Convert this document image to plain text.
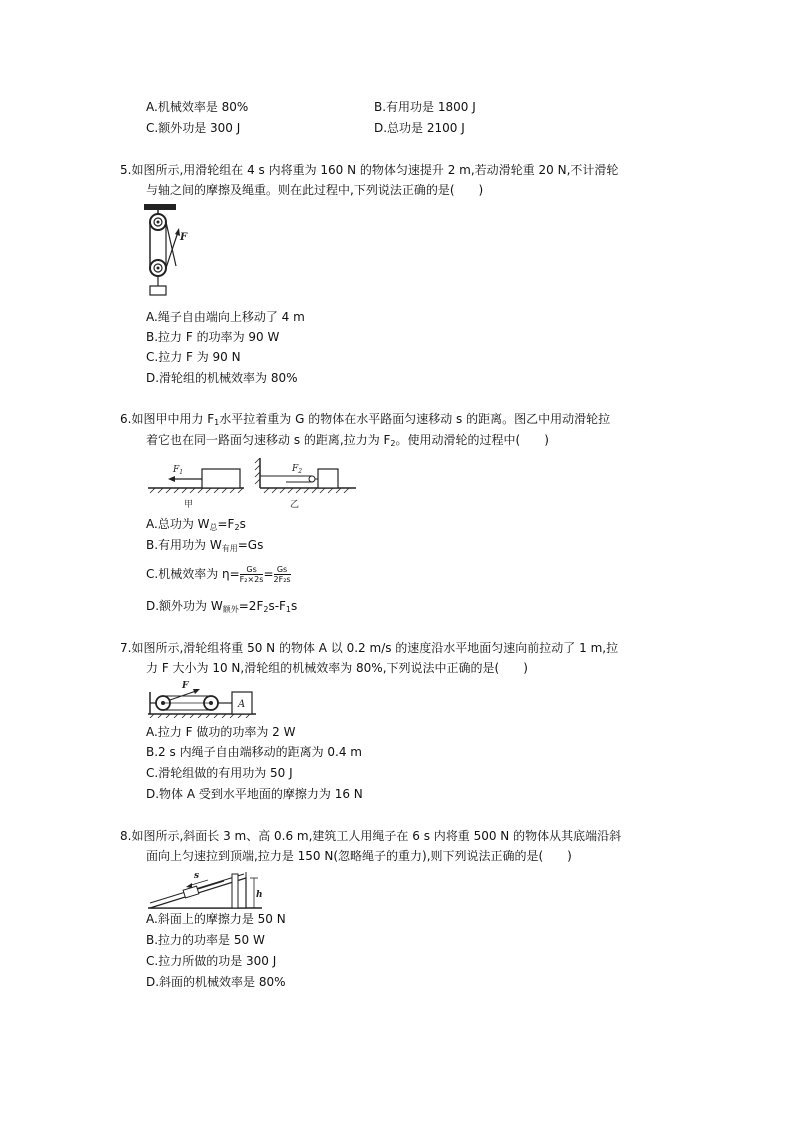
A.机械效率是 80%	B.有用功是 1800 J
C.额外功是 300 J	D.总功是 2100 J
5.如图所示,用滑轮组在 4 s 内将重为 160 N 的物体匀速提升 2 m,若动滑轮重 20 N,不计滑轮
与轴之间的摩擦及绳重。则在此过程中,下列说法正确的是(　　)
F
A.绳子自由端向上移动了 4 m
B.拉力 F 的功率为 90 W
C.拉力 F 为 90 N
D.滑轮组的机械效率为 80%
6.如图甲中用力 $F_1$水平拉着重为 G 的物体在水平路面匀速移动 s 的距离。图乙中用动滑轮拉
着它也在同一路面匀速移动 s 的距离,拉力为 $F_2$。使用动滑轮的过程中(　　)
$F_1$
甲
$F_2$
乙
A.总功为 $W_总=F_2s$
B.有用功为 $W_{有用}=Gs$
C.机械效率为 $\eta= \frac{Gs}{\text{F₂×2s}} = \frac{Gs}{\text{2F₂s}}$
D.额外功为 $W_{额外}=2F_2s-F_1s$
7.如图所示,滑轮组将重 50 N 的物体 A 以 0.2 m/s 的速度沿水平地面匀速向前拉动了 1 m,拉
力 F 大小为 10 N,滑轮组的机械效率为 80%,下列说法中正确的是(　　)
F
A
A.拉力 F 做功的功率为 2 W
B.2 s 内绳子自由端移动的距离为 0.4 m
C.滑轮组做的有用功为 50 J
D.物体 A 受到水平地面的摩擦力为 16 N
8.如图所示,斜面长 3 m、高 0.6 m,建筑工人用绳子在 6 s 内将重 500 N 的物体从其底端沿斜
面向上匀速拉到顶端,拉力是 150 N(忽略绳子的重力),则下列说法正确的是(　　)
s
h
A.斜面上的摩擦力是 50 N
B.拉力的功率是 50 W
C.拉力所做的功是 300 J
D.斜面的机械效率是 80%
